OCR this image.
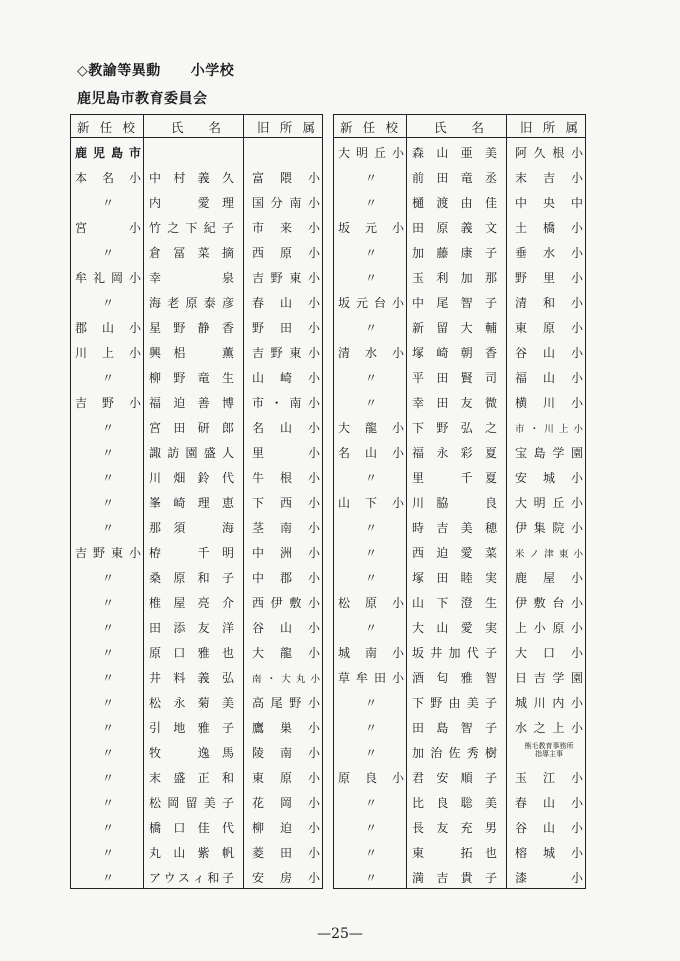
◇教諭等異動 小学校
鹿児島市教育委員会
新任校	氏　名	旧所属
鹿児島市
本名小 中村義久 富隈小
〃	内　愛理 国分南小
宮　小 竹之下紀子 市来小
〃	倉冨菜摘 西原小
牟礼岡小 幸　泉 吉野東小
〃	海老原泰彦 春山小
郡山小 星野静香 野田小
川上小 興梠　薫 吉野東小
〃	柳野竜生 山崎小
吉野小 福迫善博 市・南小
〃	宮田研郎 名山小
〃	諏訪園盛人 里　小
〃	川畑鈴代 牛根小
〃	峯崎理恵 下西小
〃	那須　海 茎南小
吉野東小 栫　千明 中洲小
〃	桑原和子 中郡小
〃	椎屋亮介 西伊敷小
〃	田添友洋 谷山小
〃	原口雅也 大龍小
〃	井料義弘 南・大丸小
〃	松永菊美 高尾野小
〃	引地雅子 鷹巣小
〃	牧　逸馬 陵南小
〃	末盛正和 東原小
〃	松岡留美子 花岡小
〃	橋口佳代 柳迫小
〃	丸山紫帆 菱田小
〃	アウスィ和子 安房小
新任校	氏　名	旧所属
大明丘小 森山亜美 阿久根小
〃	前田竜丞 末吉小
〃	樋渡由佳 中央中
坂元小 田原義文 土橋小
〃	加藤康子 垂水小
〃	玉利加那 野里小
坂元台小 中尾智子 清和小
〃	新留大輔 東原小
清水小 塚崎朝香 谷山小
〃	平田賢司 福山小
〃	幸田友微 横川小
大龍小 下野弘之 市・川上小
名山小 福永彩夏 宝島学園
〃	里　千夏 安城小
山下小 川脇　良 大明丘小
〃	時吉美穂 伊集院小
〃	西迫愛菜 米ノ津東小
〃	塚田睦実 鹿屋小
松原小 山下澄生 伊敷台小
〃	大山愛実 上小原小
城南小 坂井加代子 大口小
草牟田小 酒匂雅智 日吉学園
〃	下野由美子 城川内小
〃	田島智子 水之上小
〃	加治佐秀樹	熊毛教育事務所
指導主事
原良小 君安順子 玉江小
〃	比良聡美 春山小
〃	長友充男 谷山小
〃	東　拓也 榕城小
〃	満吉貴子 漆　小
—25—
